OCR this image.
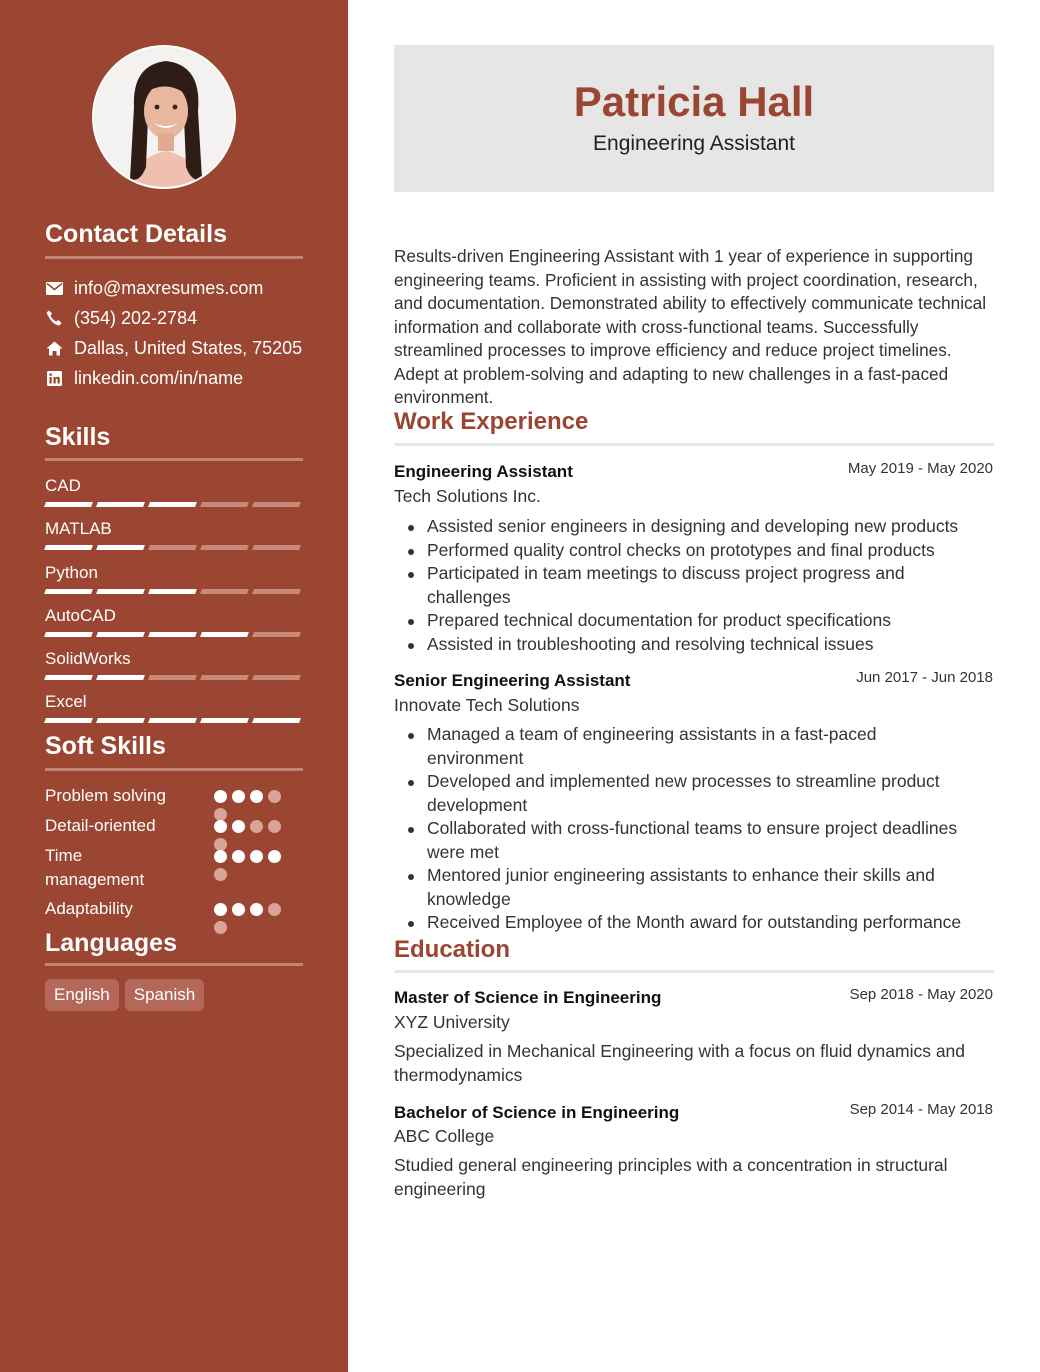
Contact Details
info@maxresumes.com
(354) 202-2784
Dallas, United States, 75205
linkedin.com/in/name
Skills
CAD
MATLAB
Python
AutoCAD
SolidWorks
Excel
Soft Skills
Problem solving
Detail-oriented
Time management
Adaptability
Languages
English	Spanish
Patricia Hall
Engineering Assistant
Results-driven Engineering Assistant with 1 year of experience in supporting engineering teams. Proficient in assisting with project coordination, research, and documentation. Demonstrated ability to effectively communicate technical information and collaborate with cross-functional teams. Successfully streamlined processes to improve efficiency and reduce project timelines. Adept at problem-solving and adapting to new challenges in a fast-paced environment.
Work Experience
Engineering Assistant	May 2019 - May 2020
Tech Solutions Inc.
Assisted senior engineers in designing and developing new products
Performed quality control checks on prototypes and final products
Participated in team meetings to discuss project progress and challenges
Prepared technical documentation for product specifications
Assisted in troubleshooting and resolving technical issues
Senior Engineering Assistant	Jun 2017 - Jun 2018
Innovate Tech Solutions
Managed a team of engineering assistants in a fast-paced environment
Developed and implemented new processes to streamline product development
Collaborated with cross-functional teams to ensure project deadlines were met
Mentored junior engineering assistants to enhance their skills and knowledge
Received Employee of the Month award for outstanding performance
Education
Master of Science in Engineering	Sep 2018 - May 2020
XYZ University
Specialized in Mechanical Engineering with a focus on fluid dynamics and thermodynamics
Bachelor of Science in Engineering	Sep 2014 - May 2018
ABC College
Studied general engineering principles with a concentration in structural engineering
